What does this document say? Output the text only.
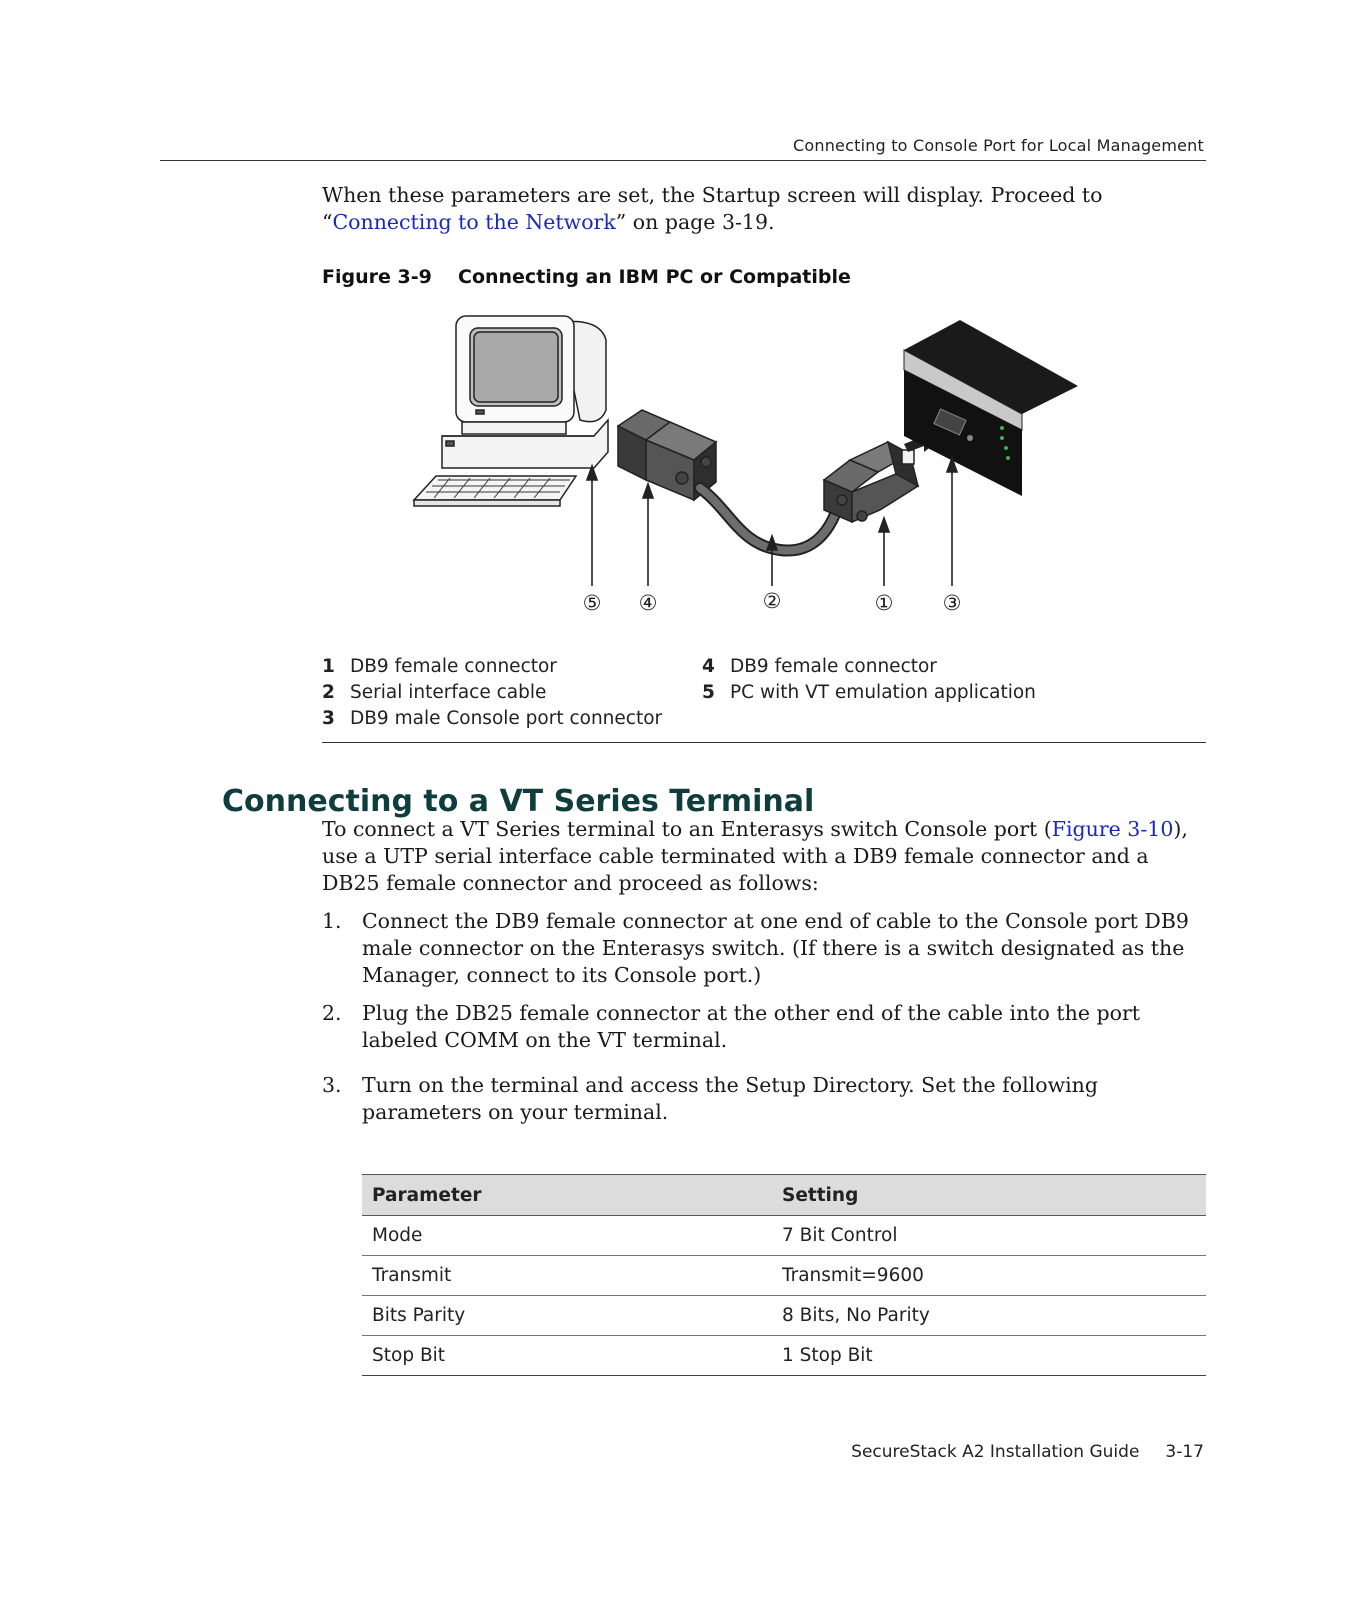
Connecting to Console Port for Local Management
When these parameters are set, the Startup screen will display. Proceed to “Connecting to the Network” on page 3-19.
Figure 3-9 Connecting an IBM PC or Compatible
⑤ ④	②	① ③
1 DB9 female connector
2 Serial interface cable
3 DB9 male Console port connector
4 DB9 female connector
5 PC with VT emulation application
Connecting to a VT Series Terminal
To connect a VT Series terminal to an Enterasys switch Console port (Figure 3-10), use a UTP serial interface cable terminated with a DB9 female connector and a DB25 female connector and proceed as follows:
1. Connect the DB9 female connector at one end of cable to the Console port DB9 male connector on the Enterasys switch. (If there is a switch designated as the Manager, connect to its Console port.)
2. Plug the DB25 female connector at the other end of the cable into the port labeled COMM on the VT terminal.
3. Turn on the terminal and access the Setup Directory. Set the following parameters on your terminal.
Parameter	Setting
Mode	7 Bit Control
Transmit	Transmit=9600
Bits Parity	8 Bits, No Parity
Stop Bit	1 Stop Bit
SecureStack A2 Installation Guide 3-17
